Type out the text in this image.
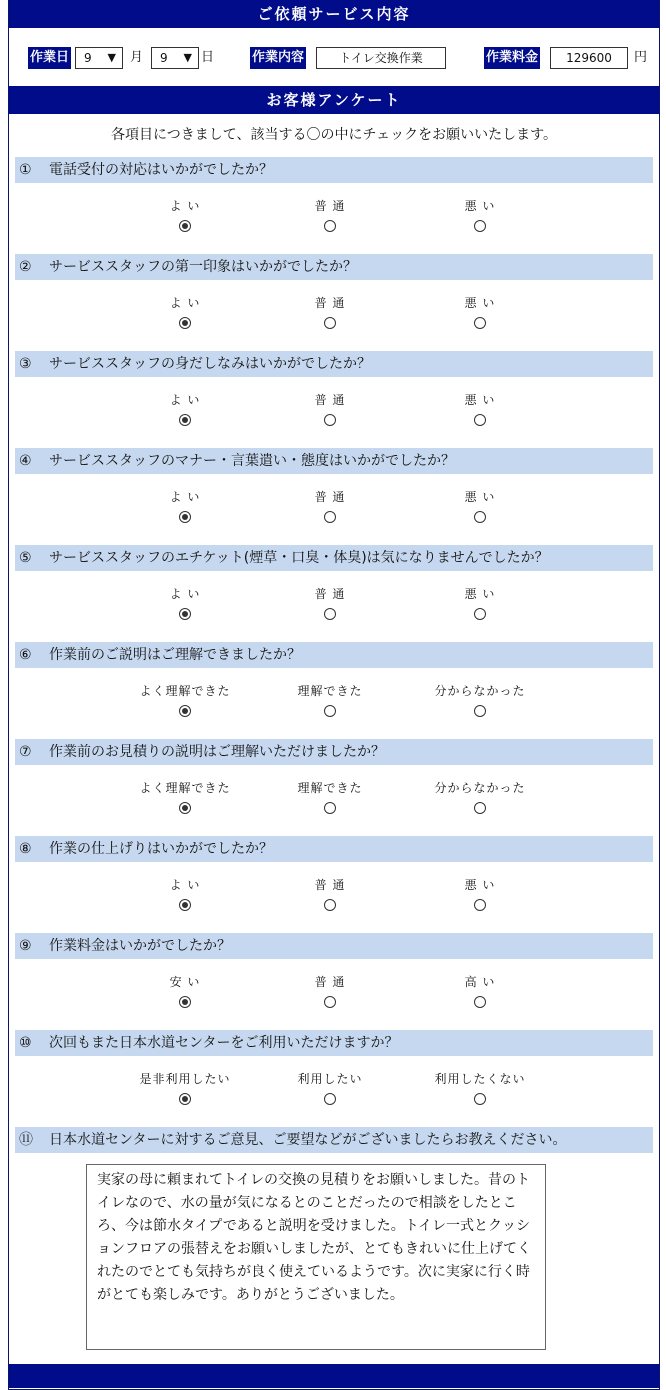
ご依頼サービス内容
作業日	9 ▼ 月	9 ▼ 日	作業内容	トイレ交換作業	作業料金	129600	円
お客様アンケート
各項目につきまして、該当する〇の中にチェックをお願いいたします。
① 電話受付の対応はいかがでしたか？
よ い	普 通	悪 い
② サービススタッフの第一印象はいかがでしたか？
よ い	普 通	悪 い
③ サービススタッフの身だしなみはいかがでしたか？
よ い	普 通	悪 い
④ サービススタッフのマナー・言葉遣い・態度はいかがでしたか？
よ い	普 通	悪 い
⑤ サービススタッフのエチケット(煙草・口臭・体臭)は気になりませんでしたか？
よ い	普 通	悪 い
⑥ 作業前のご説明はご理解できましたか？
よく理解できた	理解できた	分からなかった
⑦ 作業前のお見積りの説明はご理解いただけましたか？
よく理解できた	理解できた	分からなかった
⑧ 作業の仕上げりはいかがでしたか？
よ い	普 通	悪 い
⑨ 作業料金はいかがでしたか？
安 い	普 通	高 い
⑩ 次回もまた日本水道センターをご利用いただけますか？
是非利用したい	利用したい	利用したくない
⑪ 日本水道センターに対するご意見、ご要望などがございましたらお教えください。
実家の母に頼まれてトイレの交換の見積りをお願いしました。昔のトイレなので、水の量が気になるとのことだったので相談をしたところ、今は節水タイプであると説明を受けました。トイレ一式とクッションフロアの張替えをお願いしましたが、とてもきれいに仕上げてくれたのでとても気持ちが良く使えているようです。次に実家に行く時がとても楽しみです。ありがとうございました。
